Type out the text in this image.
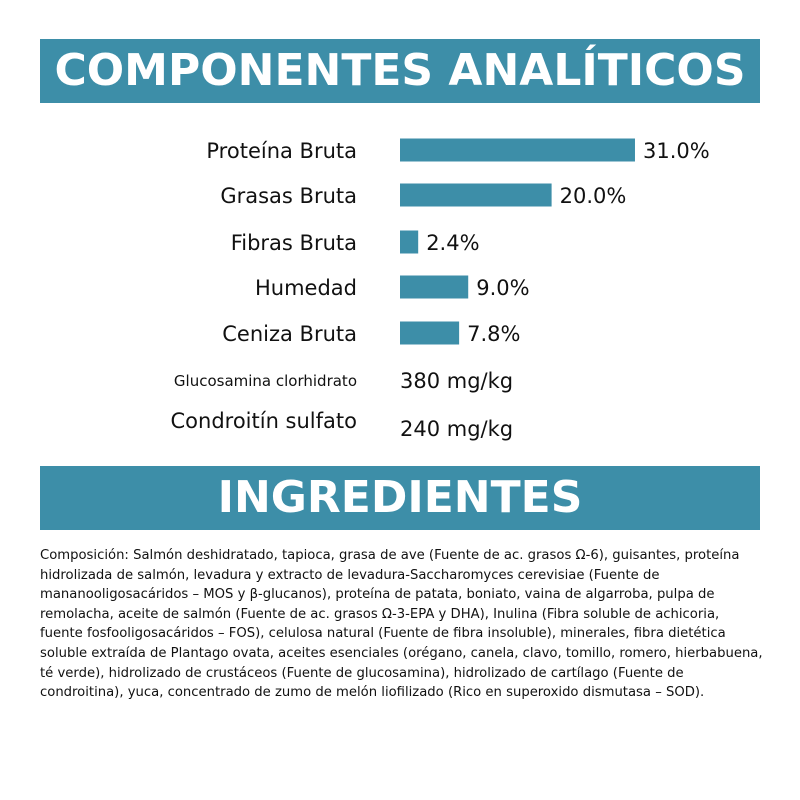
COMPONENTES ANALÍTICOS
Proteína Bruta	31.0%
Grasas Bruta	20.0%
Fibras Bruta	2.4%
Humedad	9.0%
Ceniza Bruta	7.8%
Glucosamina clorhidrato 380 mg/kg
Condroitín sulfato 240 mg/kg
INGREDIENTES

Composición: Salmón deshidratado, tapioca, grasa de ave (Fuente de ac. grasos Ω-6), guisantes, proteína hidrolizada de salmón, levadura y extracto de levadura-Saccharomyces cerevisiae (Fuente de mananooligosacáridos – MOS y β-glucanos), proteína de patata, boniato, vaina de algarroba, pulpa de remolacha, aceite de salmón (Fuente de ac. grasos Ω-3-EPA y DHA), Inulina (Fibra soluble de achicoria, fuente fosfooligosacáridos – FOS), celulosa natural (Fuente de fibra insoluble), minerales, fibra dietética soluble extraída de Plantago ovata, aceites esenciales (orégano, canela, clavo, tomillo, romero, hierbabuena, té verde), hidrolizado de crustáceos (Fuente de glucosamina), hidrolizado de cartílago (Fuente de condroitina), yuca, concentrado de zumo de melón liofilizado (Rico en superoxido dismutasa – SOD).
